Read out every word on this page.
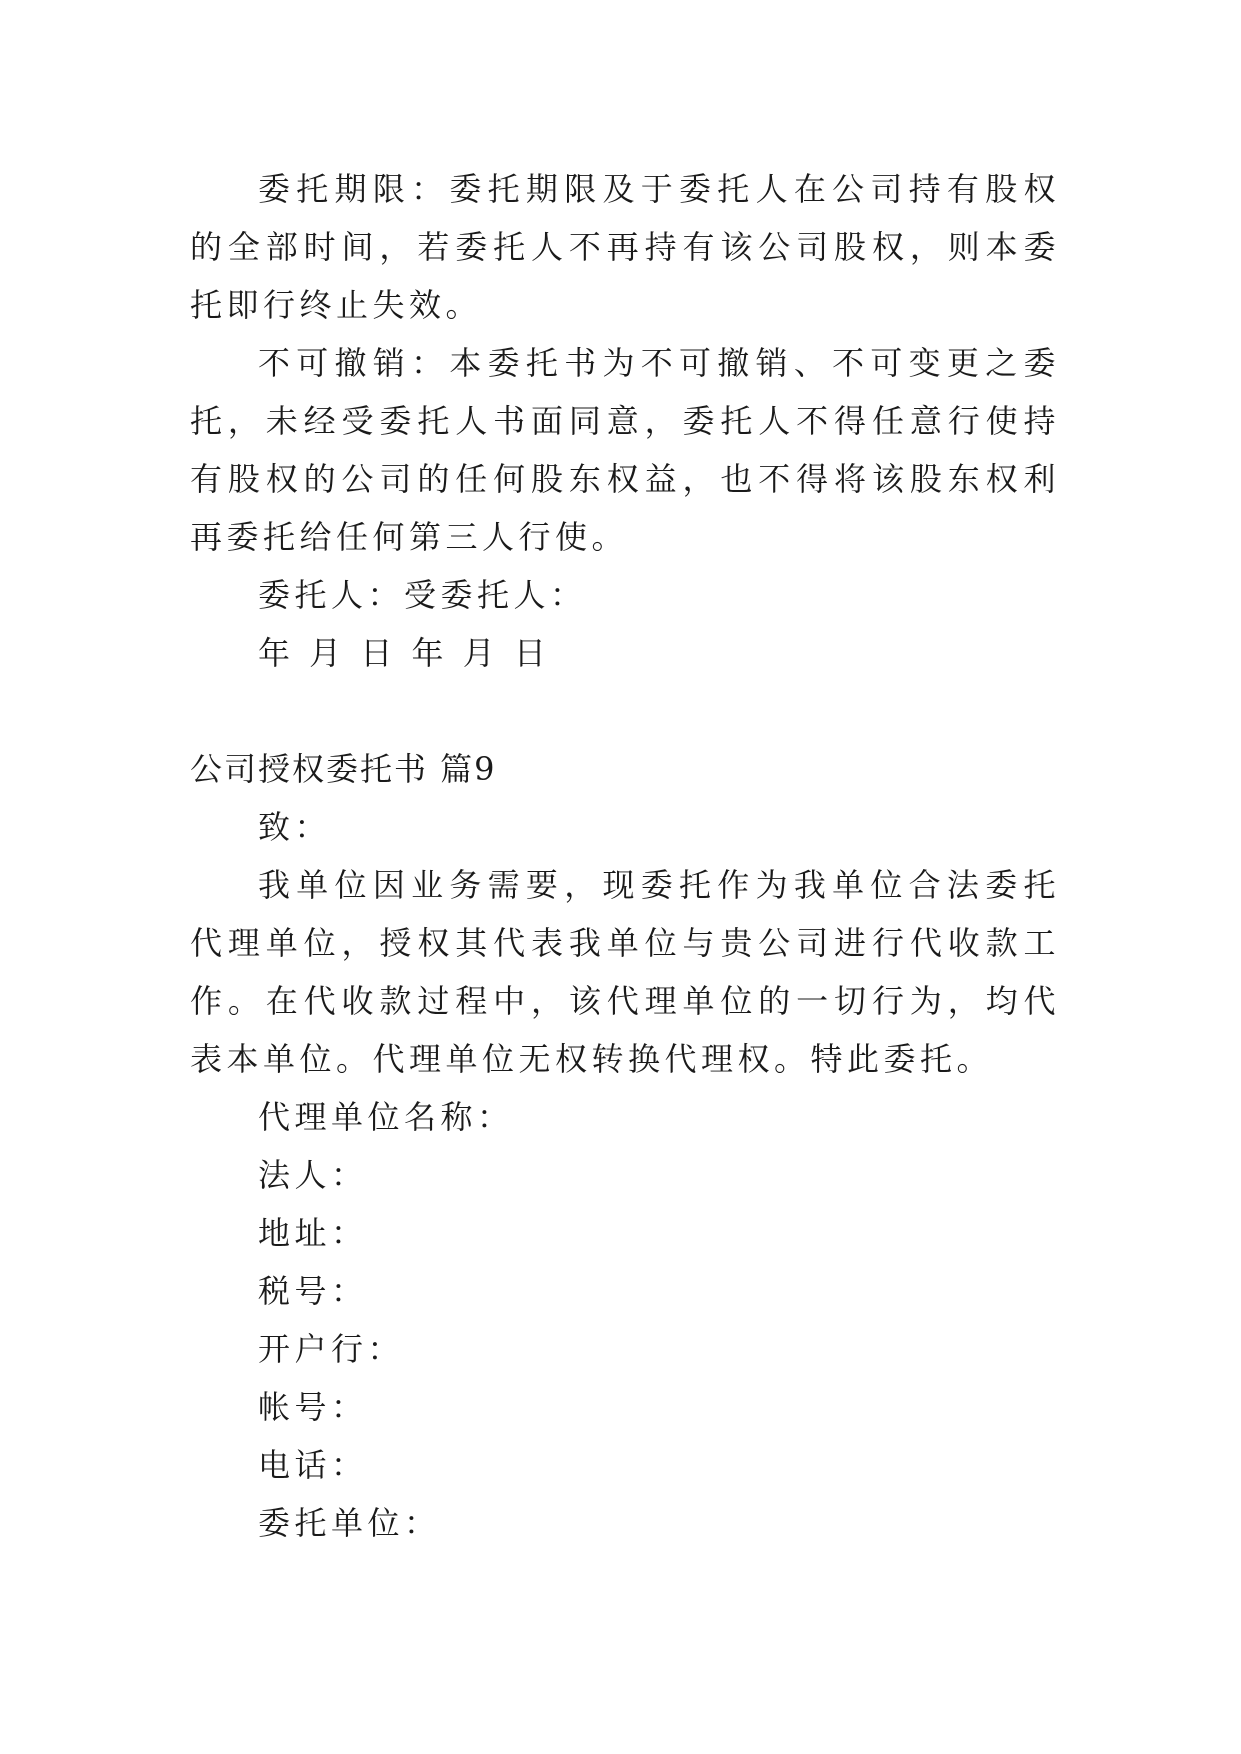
委托期限：委托期限及于委托人在公司持有股权的全部时间，若委托人不再持有该公司股权，则本委托即行终止失效。

不可撤销：本委托书为不可撤销、不可变更之委托，未经受委托人书面同意，委托人不得任意行使持有股权的公司的任何股东权益，也不得将该股东权利再委托给任何第三人行使。

委托人：受委托人：

年 月 日 年 月 日

公司授权委托书 篇9

致：

我单位因业务需要，现委托作为我单位合法委托代理单位，授权其代表我单位与贵公司进行代收款工作。在代收款过程中，该代理单位的一切行为，均代表本单位。代理单位无权转换代理权。特此委托。

代理单位名称：

法人：

地址：

税号：

开户行：

帐号：

电话：

委托单位：
